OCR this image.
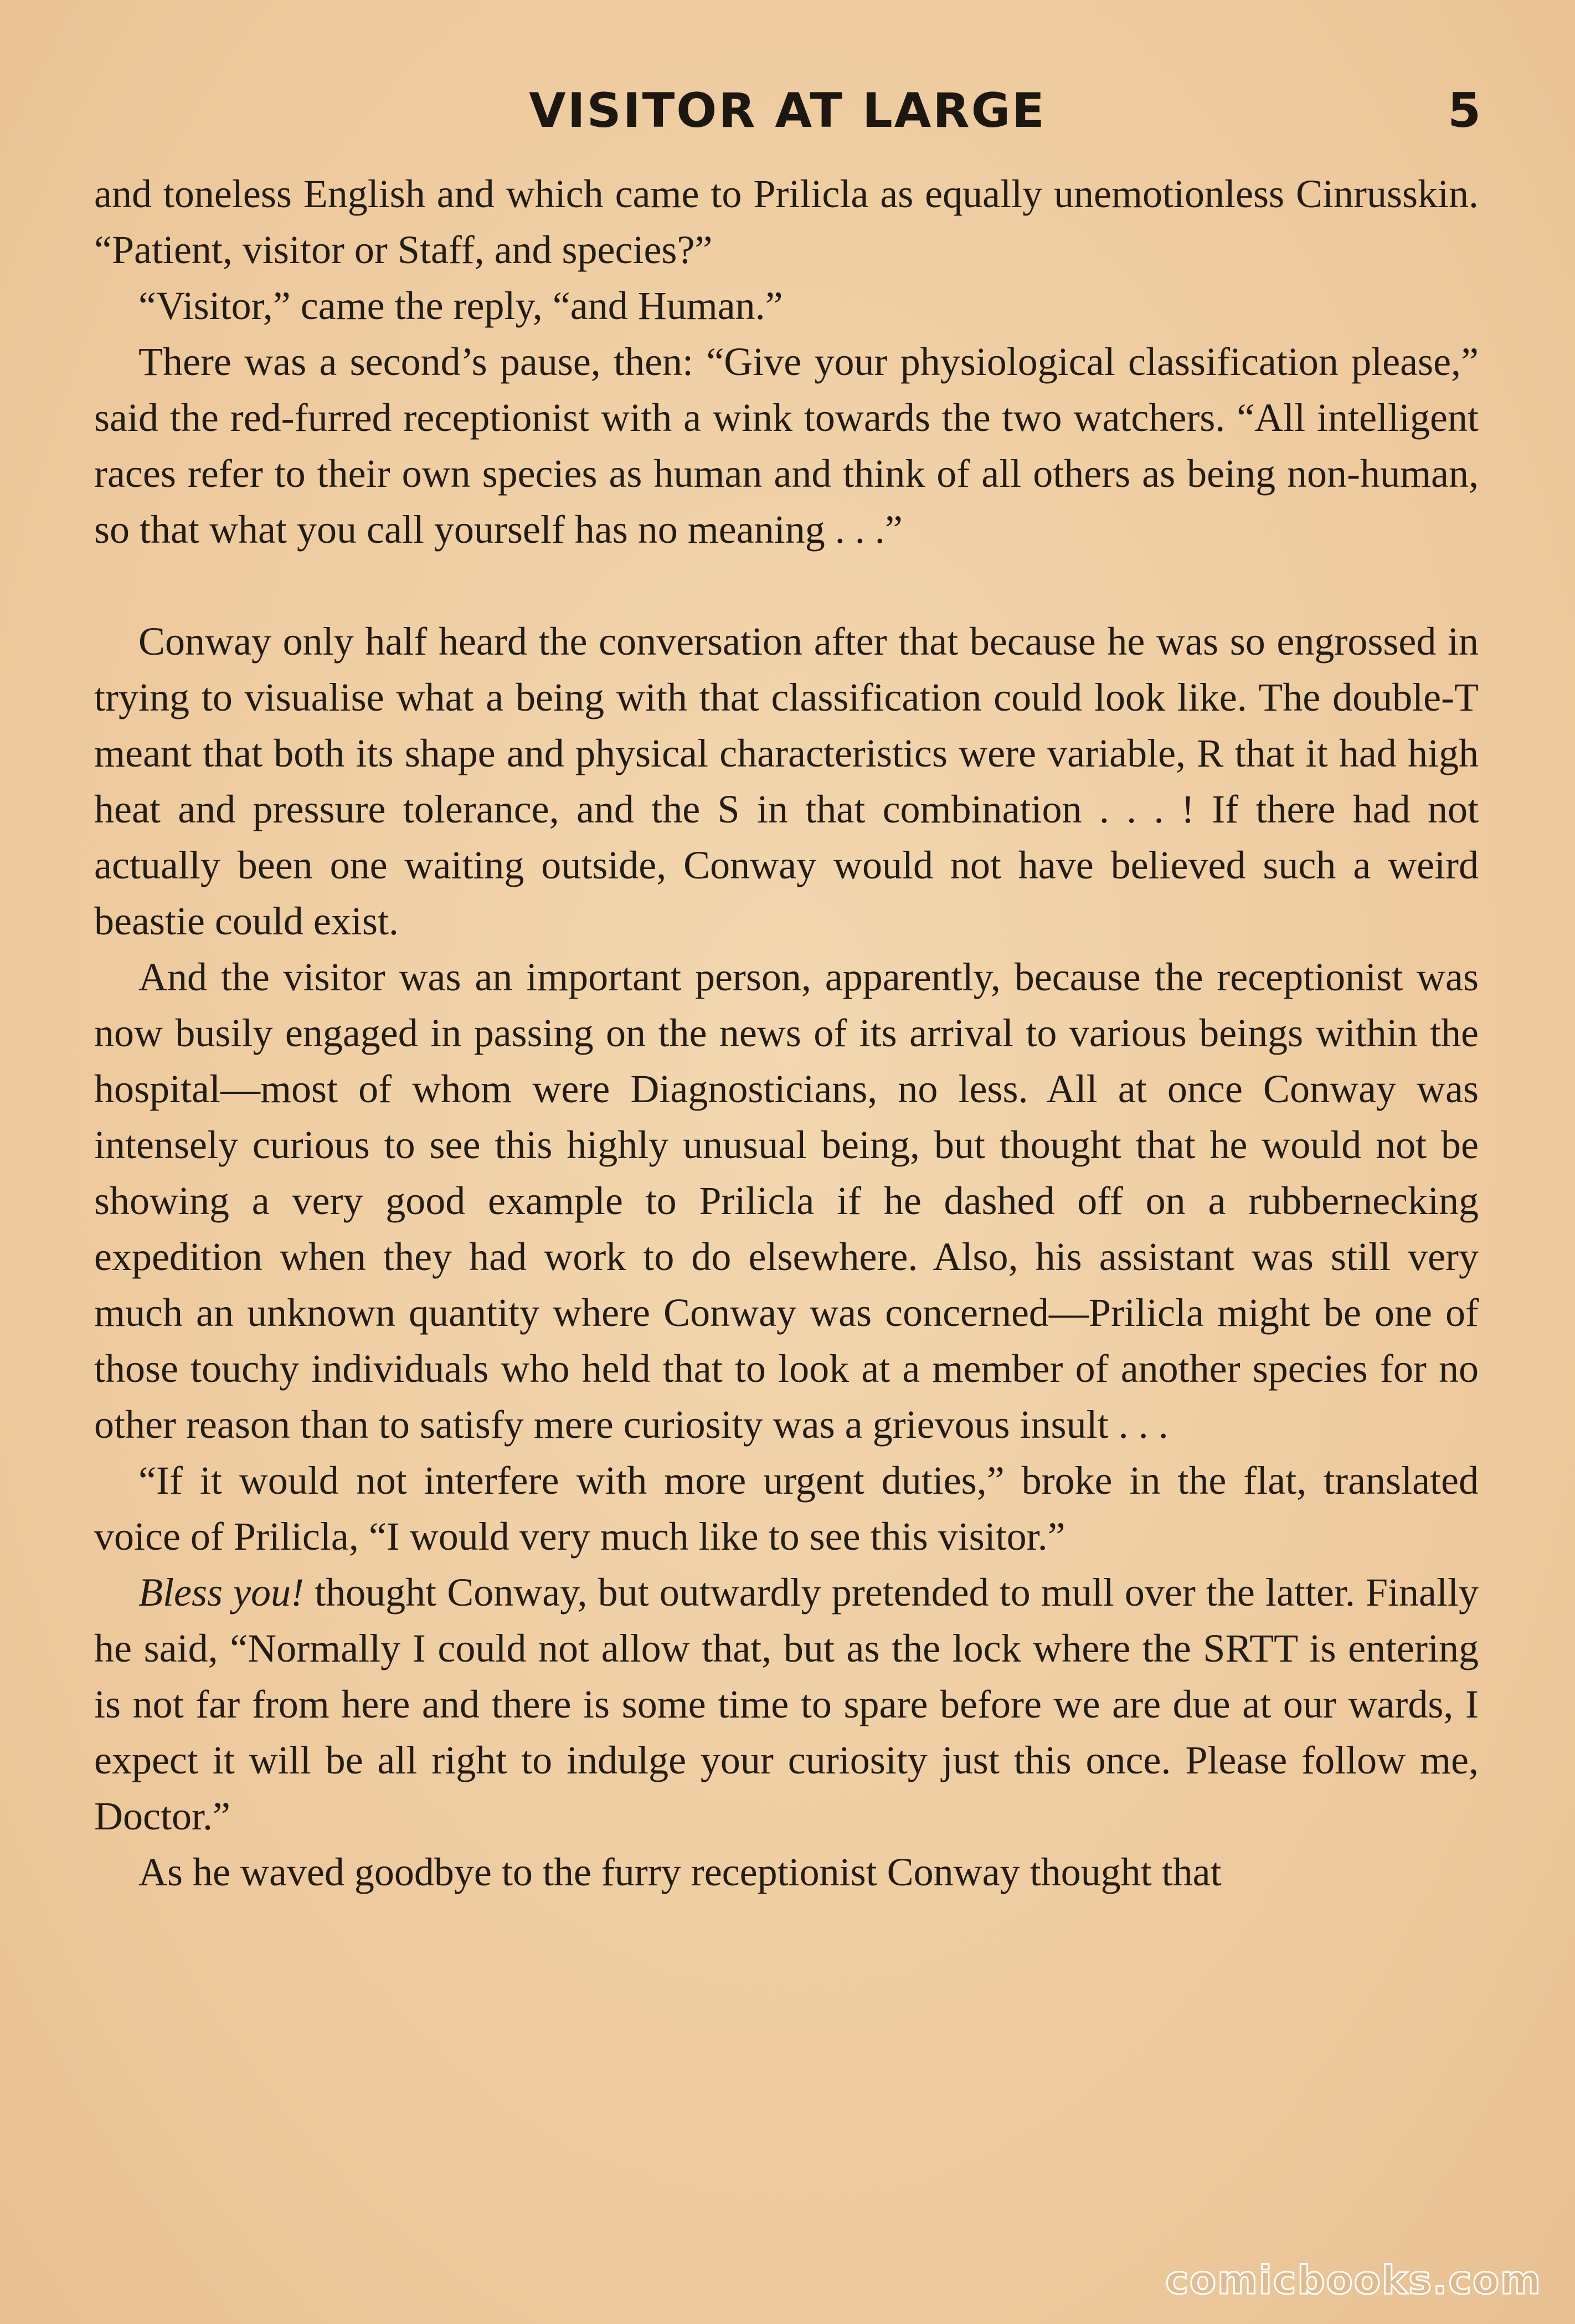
VISITOR AT LARGE	5

and toneless English and which came to Prilicla as equally unemotionless Cinrusskin. “Patient, visitor or Staff, and species?”

“Visitor,” came the reply, “and Human.”

There was a second’s pause, then: “Give your physiological classification please,” said the red-furred receptionist with a wink towards the two watchers. “All intelligent races refer to their own species as human and think of all others as being non-human, so that what you call yourself has no meaning . . .”

Conway only half heard the conversation after that because he was so engrossed in trying to visualise what a being with that classification could look like. The double-T meant that both its shape and physical characteristics were variable, R that it had high heat and pressure tolerance, and the S in that combination . . . ! If there had not actually been one waiting outside, Conway would not have believed such a weird beastie could exist.

And the visitor was an important person, apparently, because the receptionist was now busily engaged in passing on the news of its arrival to various beings within the hospital—most of whom were Diagnosticians, no less. All at once Conway was intensely curious to see this highly unusual being, but thought that he would not be showing a very good example to Prilicla if he dashed off on a rubbernecking expedition when they had work to do elsewhere. Also, his assistant was still very much an unknown quantity where Conway was concerned—Prilicla might be one of those touchy individuals who held that to look at a member of another species for no other reason than to satisfy mere curiosity was a grievous insult . . .

“If it would not interfere with more urgent duties,” broke in the flat, translated voice of Prilicla, “I would very much like to see this visitor.”

Bless you! thought Conway, but outwardly pretended to mull over the latter. Finally he said, “Normally I could not allow that, but as the lock where the SRTT is entering is not far from here and there is some time to spare before we are due at our wards, I expect it will be all right to indulge your curiosity just this once. Please follow me, Doctor.”

As he waved goodbye to the furry receptionist Conway thought that

comicbooks.com
